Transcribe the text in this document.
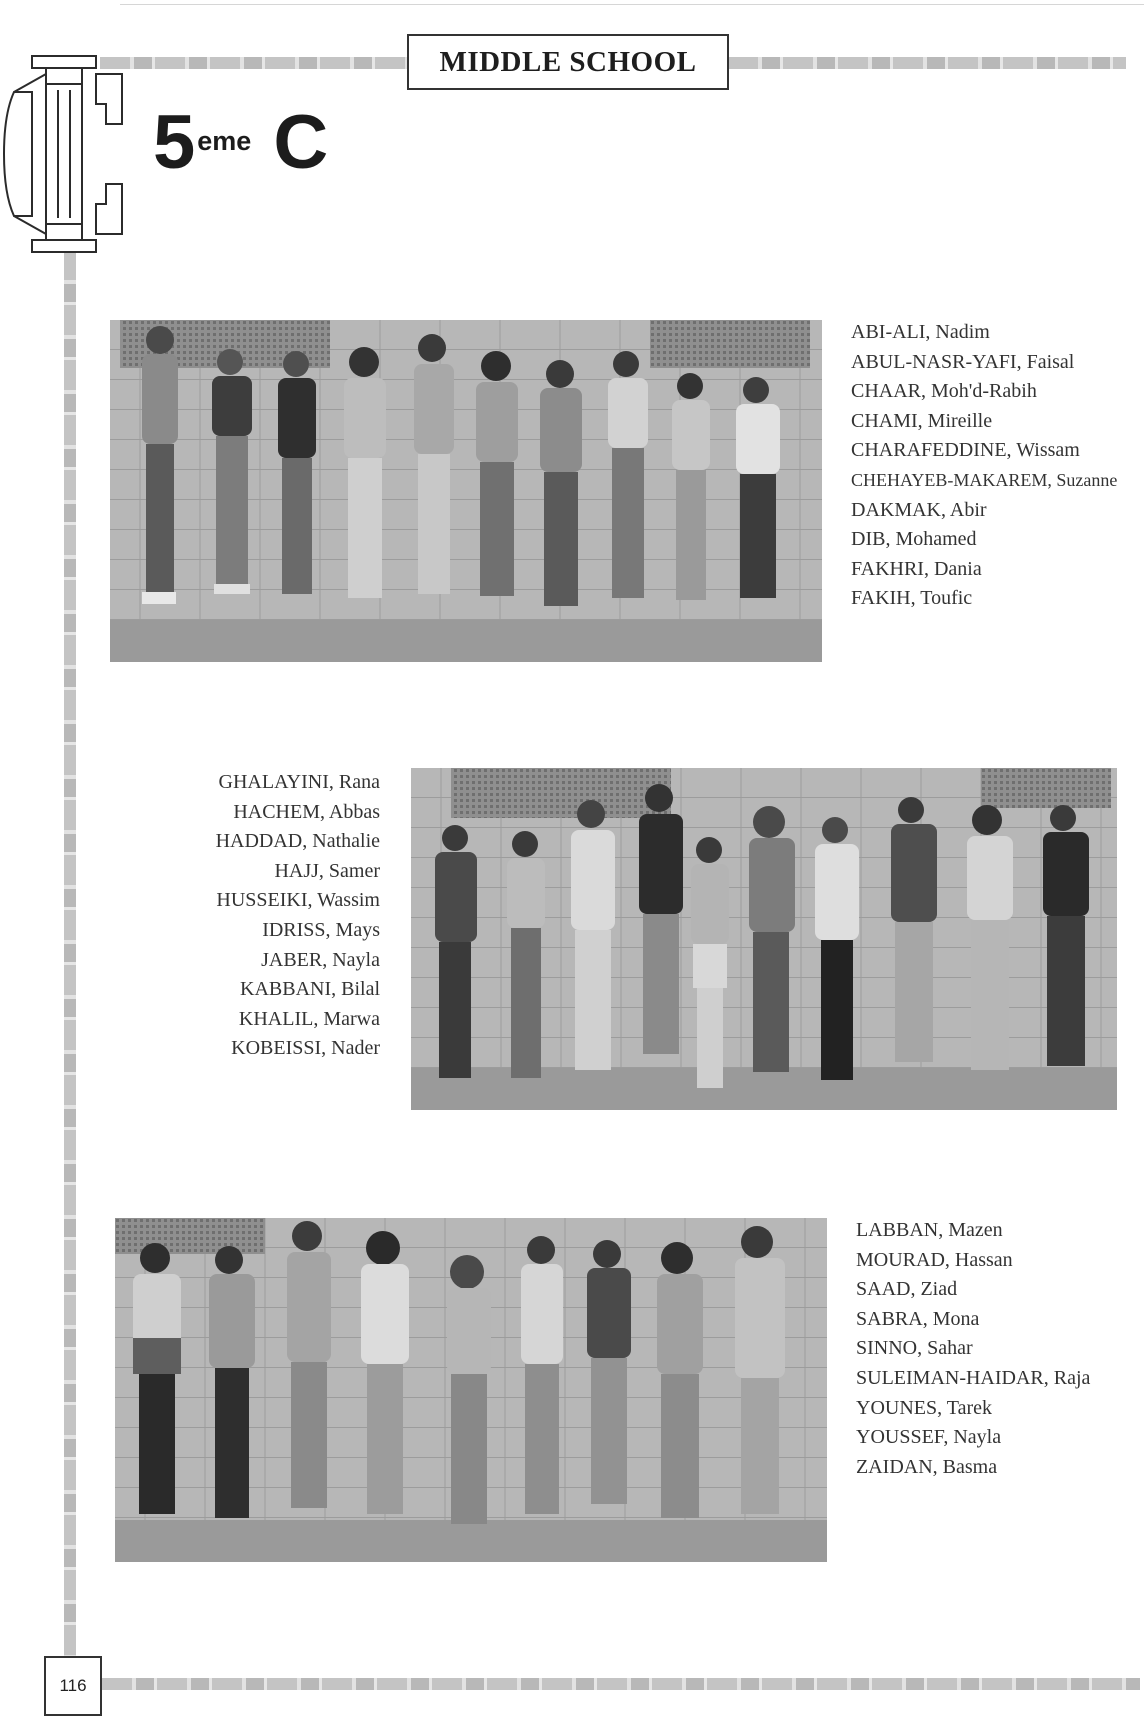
MIDDLE SCHOOL
5 eme C
ABI-ALI, Nadim
ABUL-NASR-YAFI, Faisal
CHAAR, Moh'd-Rabih
CHAMI, Mireille
CHARAFEDDINE, Wissam
CHEHAYEB-MAKAREM, Suzanne
DAKMAK, Abir
DIB, Mohamed
FAKHRI, Dania
FAKIH, Toufic
GHALAYINI, Rana
HACHEM, Abbas
HADDAD, Nathalie
HAJJ, Samer
HUSSEIKI, Wassim
IDRISS, Mays
JABER, Nayla
KABBANI, Bilal
KHALIL, Marwa
KOBEISSI, Nader
LABBAN, Mazen
MOURAD, Hassan
SAAD, Ziad
SABRA, Mona
SINNO, Sahar
SULEIMAN-HAIDAR, Raja
YOUNES, Tarek
YOUSSEF, Nayla
ZAIDAN, Basma
116
